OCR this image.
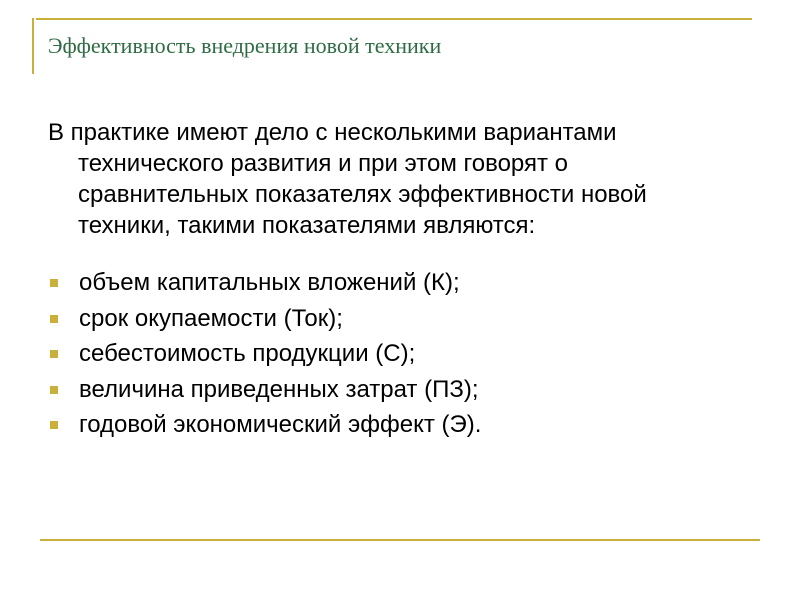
Эффективность внедрения новой техники
В практике имеют дело с несколькими вариантами
технического развития и при этом говорят о
сравнительных показателях эффективности новой
техники, такими показателями являются:
объем капитальных вложений (К);
срок окупаемости (Ток);
себестоимость продукции (С);
величина приведенных затрат (ПЗ);
годовой экономический эффект (Э).
